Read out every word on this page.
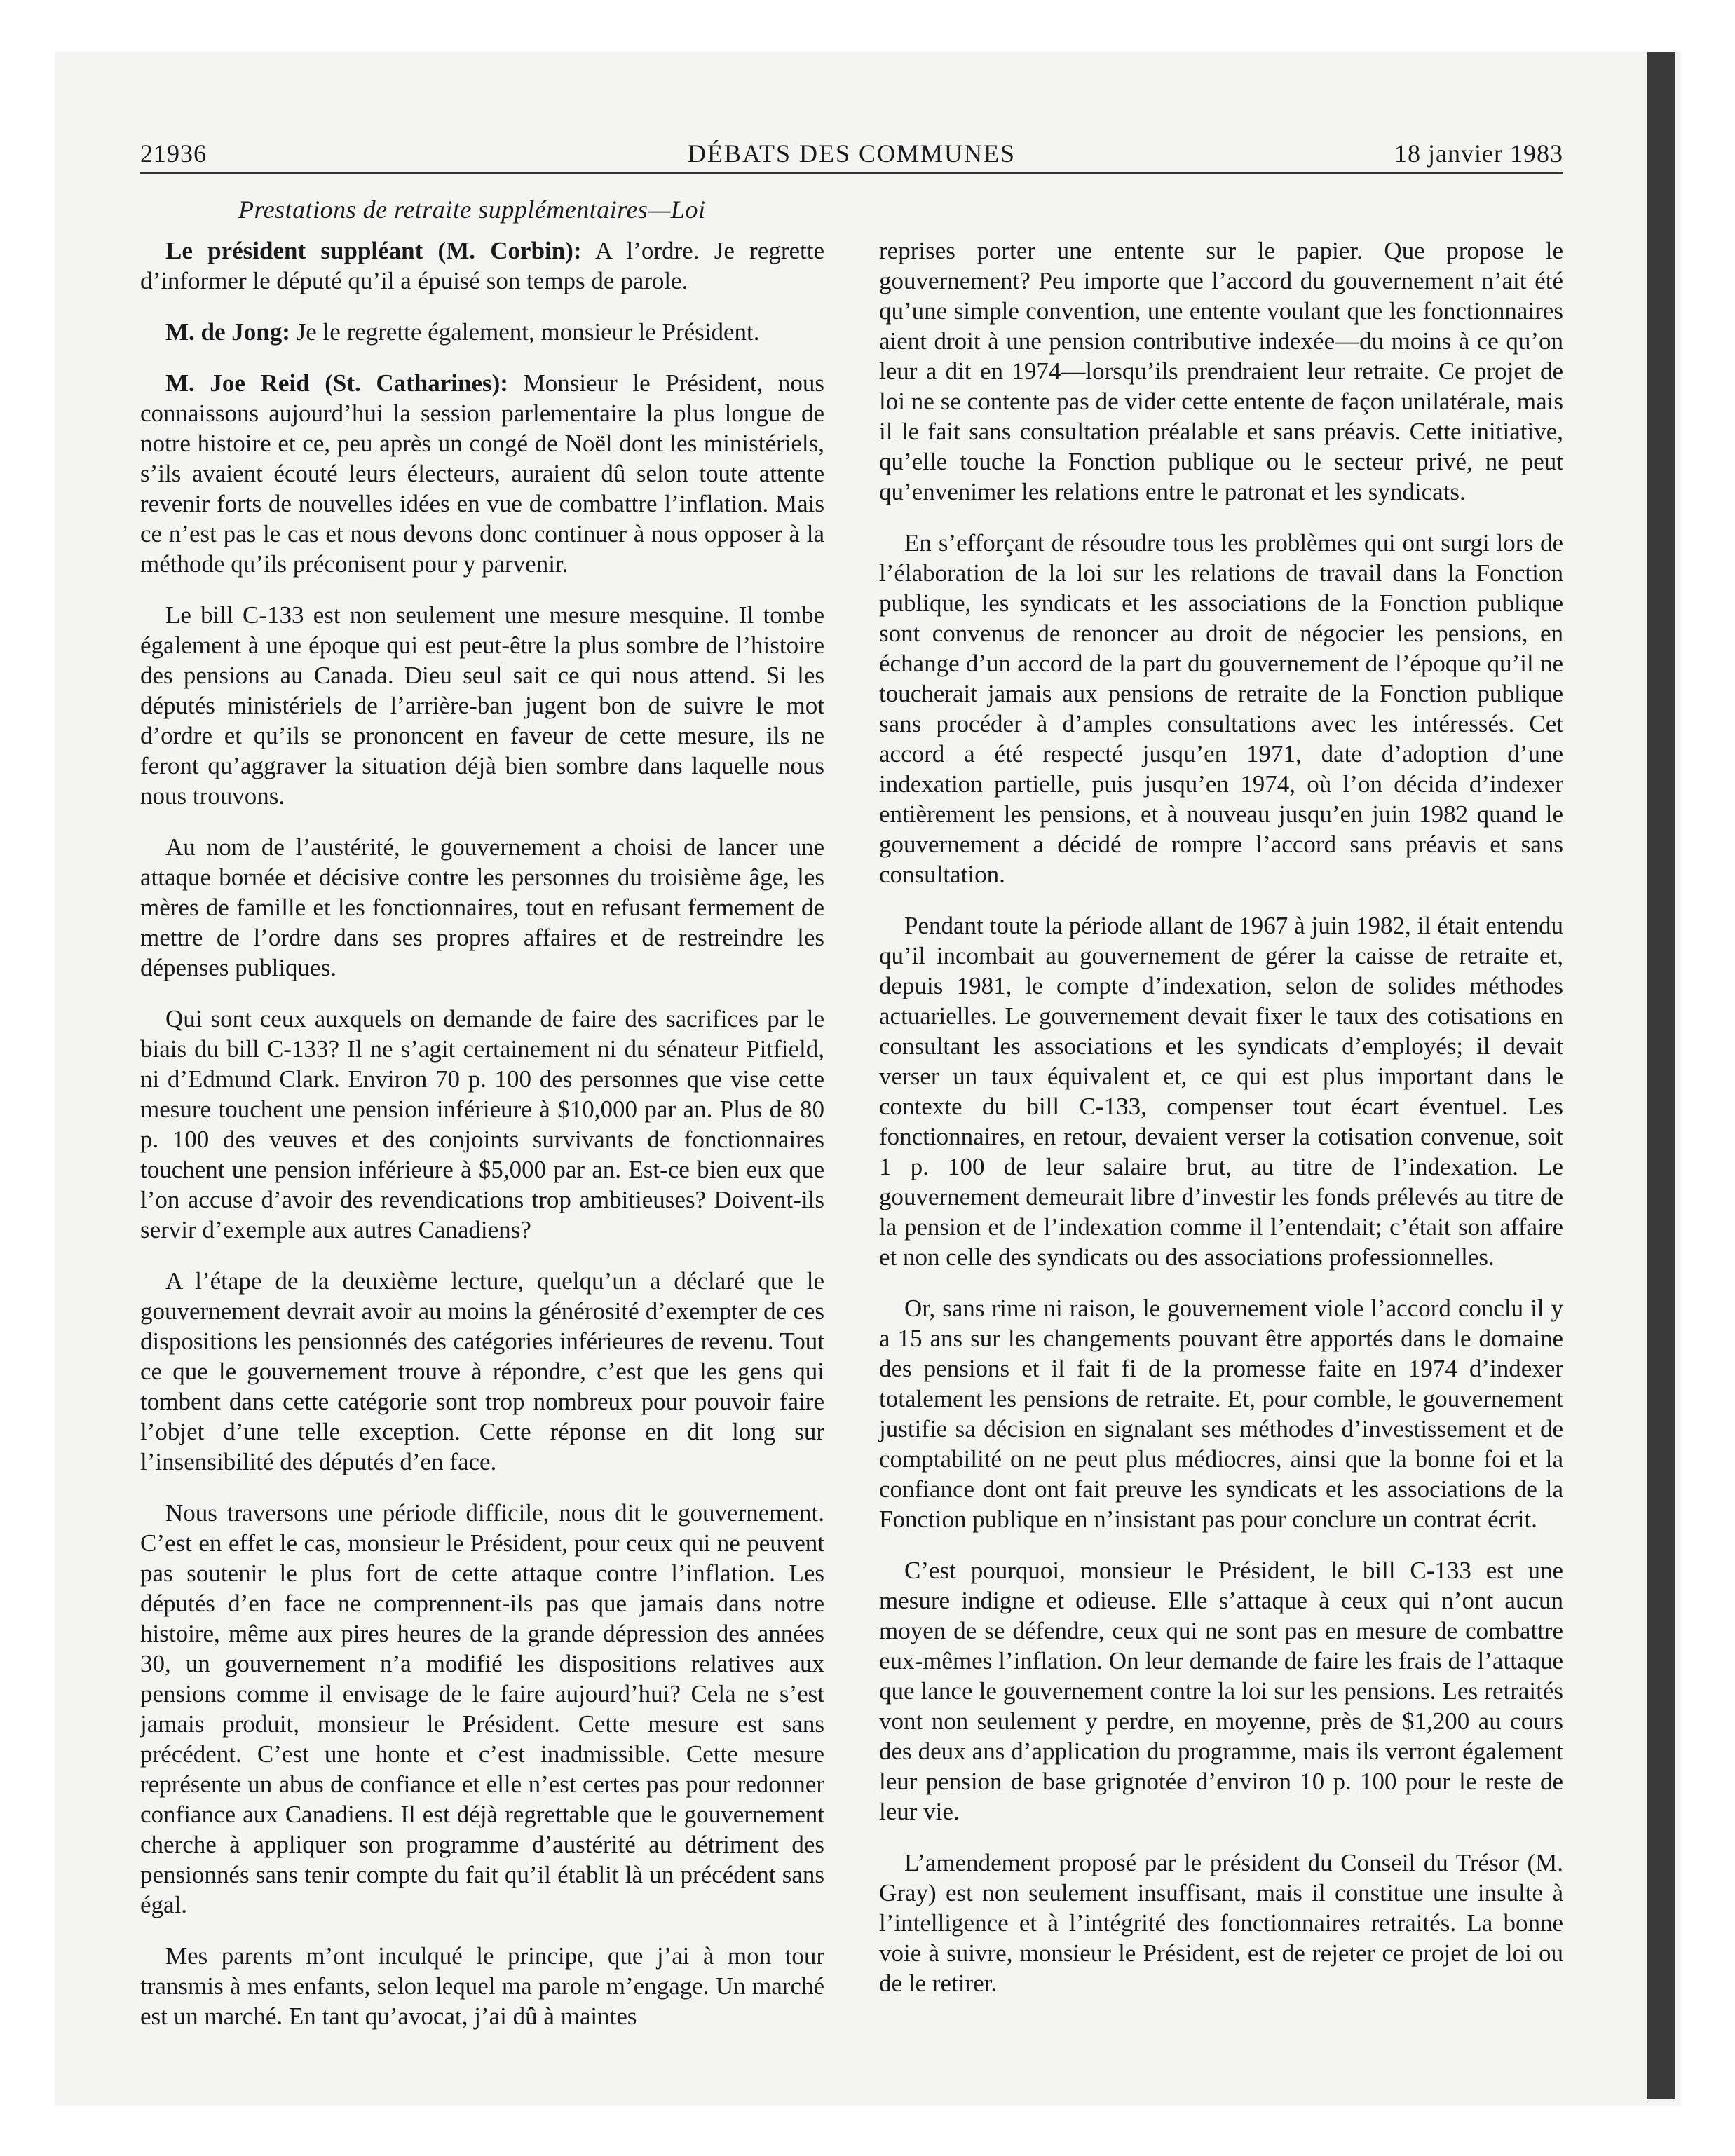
21936	DÉBATS DES COMMUNES	18 janvier 1983
Prestations de retraite supplémentaires—Loi

Le président suppléant (M. Corbin): A l’ordre. Je regrette d’informer le député qu’il a épuisé son temps de parole.

M. de Jong: Je le regrette également, monsieur le Président.

M. Joe Reid (St. Catharines): Monsieur le Président, nous connaissons aujourd’hui la session parlementaire la plus longue de notre histoire et ce, peu après un congé de Noël dont les ministériels, s’ils avaient écouté leurs électeurs, auraient dû selon toute attente revenir forts de nouvelles idées en vue de combattre l’inflation. Mais ce n’est pas le cas et nous devons donc continuer à nous opposer à la méthode qu’ils préconisent pour y parvenir.

Le bill C-133 est non seulement une mesure mesquine. Il tombe également à une époque qui est peut-être la plus sombre de l’histoire des pensions au Canada. Dieu seul sait ce qui nous attend. Si les députés ministériels de l’arrière-ban jugent bon de suivre le mot d’ordre et qu’ils se prononcent en faveur de cette mesure, ils ne feront qu’aggraver la situation déjà bien sombre dans laquelle nous nous trouvons.

Au nom de l’austérité, le gouvernement a choisi de lancer une attaque bornée et décisive contre les personnes du troisième âge, les mères de famille et les fonctionnaires, tout en refusant fermement de mettre de l’ordre dans ses propres affaires et de restreindre les dépenses publiques.

Qui sont ceux auxquels on demande de faire des sacrifices par le biais du bill C-133? Il ne s’agit certainement ni du sénateur Pitfield, ni d’Edmund Clark. Environ 70 p. 100 des personnes que vise cette mesure touchent une pension inférieure à $10,000 par an. Plus de 80 p. 100 des veuves et des conjoints survivants de fonctionnaires touchent une pension inférieure à $5,000 par an. Est-ce bien eux que l’on accuse d’avoir des revendications trop ambitieuses? Doivent-ils servir d’exemple aux autres Canadiens?

A l’étape de la deuxième lecture, quelqu’un a déclaré que le gouvernement devrait avoir au moins la générosité d’exempter de ces dispositions les pensionnés des catégories inférieures de revenu. Tout ce que le gouvernement trouve à répondre, c’est que les gens qui tombent dans cette catégorie sont trop nombreux pour pouvoir faire l’objet d’une telle exception. Cette réponse en dit long sur l’insensibilité des députés d’en face.

Nous traversons une période difficile, nous dit le gouvernement. C’est en effet le cas, monsieur le Président, pour ceux qui ne peuvent pas soutenir le plus fort de cette attaque contre l’inflation. Les députés d’en face ne comprennent-ils pas que jamais dans notre histoire, même aux pires heures de la grande dépression des années 30, un gouvernement n’a modifié les dispositions relatives aux pensions comme il envisage de le faire aujourd’hui? Cela ne s’est jamais produit, monsieur le Président. Cette mesure est sans précédent. C’est une honte et c’est inadmissible. Cette mesure représente un abus de confiance et elle n’est certes pas pour redonner confiance aux Canadiens. Il est déjà regrettable que le gouvernement cherche à appliquer son programme d’austérité au détriment des pensionnés sans tenir compte du fait qu’il établit là un précédent sans égal.

Mes parents m’ont inculqué le principe, que j’ai à mon tour transmis à mes enfants, selon lequel ma parole m’engage. Un marché est un marché. En tant qu’avocat, j’ai dû à maintes

reprises porter une entente sur le papier. Que propose le gouvernement? Peu importe que l’accord du gouvernement n’ait été qu’une simple convention, une entente voulant que les fonctionnaires aient droit à une pension contributive indexée—du moins à ce qu’on leur a dit en 1974—lorsqu’ils prendraient leur retraite. Ce projet de loi ne se contente pas de vider cette entente de façon unilatérale, mais il le fait sans consultation préalable et sans préavis. Cette initiative, qu’elle touche la Fonction publique ou le secteur privé, ne peut qu’envenimer les relations entre le patronat et les syndicats.

En s’efforçant de résoudre tous les problèmes qui ont surgi lors de l’élaboration de la loi sur les relations de travail dans la Fonction publique, les syndicats et les associations de la Fonction publique sont convenus de renoncer au droit de négocier les pensions, en échange d’un accord de la part du gouvernement de l’époque qu’il ne toucherait jamais aux pensions de retraite de la Fonction publique sans procéder à d’amples consultations avec les intéressés. Cet accord a été respecté jusqu’en 1971, date d’adoption d’une indexation partielle, puis jusqu’en 1974, où l’on décida d’indexer entièrement les pensions, et à nouveau jusqu’en juin 1982 quand le gouvernement a décidé de rompre l’accord sans préavis et sans consultation.

Pendant toute la période allant de 1967 à juin 1982, il était entendu qu’il incombait au gouvernement de gérer la caisse de retraite et, depuis 1981, le compte d’indexation, selon de solides méthodes actuarielles. Le gouvernement devait fixer le taux des cotisations en consultant les associations et les syndicats d’employés; il devait verser un taux équivalent et, ce qui est plus important dans le contexte du bill C-133, compenser tout écart éventuel. Les fonctionnaires, en retour, devaient verser la cotisation convenue, soit 1 p. 100 de leur salaire brut, au titre de l’indexation. Le gouvernement demeurait libre d’investir les fonds prélevés au titre de la pension et de l’indexation comme il l’entendait; c’était son affaire et non celle des syndicats ou des associations professionnelles.

Or, sans rime ni raison, le gouvernement viole l’accord conclu il y a 15 ans sur les changements pouvant être apportés dans le domaine des pensions et il fait fi de la promesse faite en 1974 d’indexer totalement les pensions de retraite. Et, pour comble, le gouvernement justifie sa décision en signalant ses méthodes d’investissement et de comptabilité on ne peut plus médiocres, ainsi que la bonne foi et la confiance dont ont fait preuve les syndicats et les associations de la Fonction publique en n’insistant pas pour conclure un contrat écrit.

C’est pourquoi, monsieur le Président, le bill C-133 est une mesure indigne et odieuse. Elle s’attaque à ceux qui n’ont aucun moyen de se défendre, ceux qui ne sont pas en mesure de combattre eux-mêmes l’inflation. On leur demande de faire les frais de l’attaque que lance le gouvernement contre la loi sur les pensions. Les retraités vont non seulement y perdre, en moyenne, près de $1,200 au cours des deux ans d’application du programme, mais ils verront également leur pension de base grignotée d’environ 10 p. 100 pour le reste de leur vie.

L’amendement proposé par le président du Conseil du Trésor (M. Gray) est non seulement insuffisant, mais il constitue une insulte à l’intelligence et à l’intégrité des fonctionnaires retraités. La bonne voie à suivre, monsieur le Président, est de rejeter ce projet de loi ou de le retirer.
